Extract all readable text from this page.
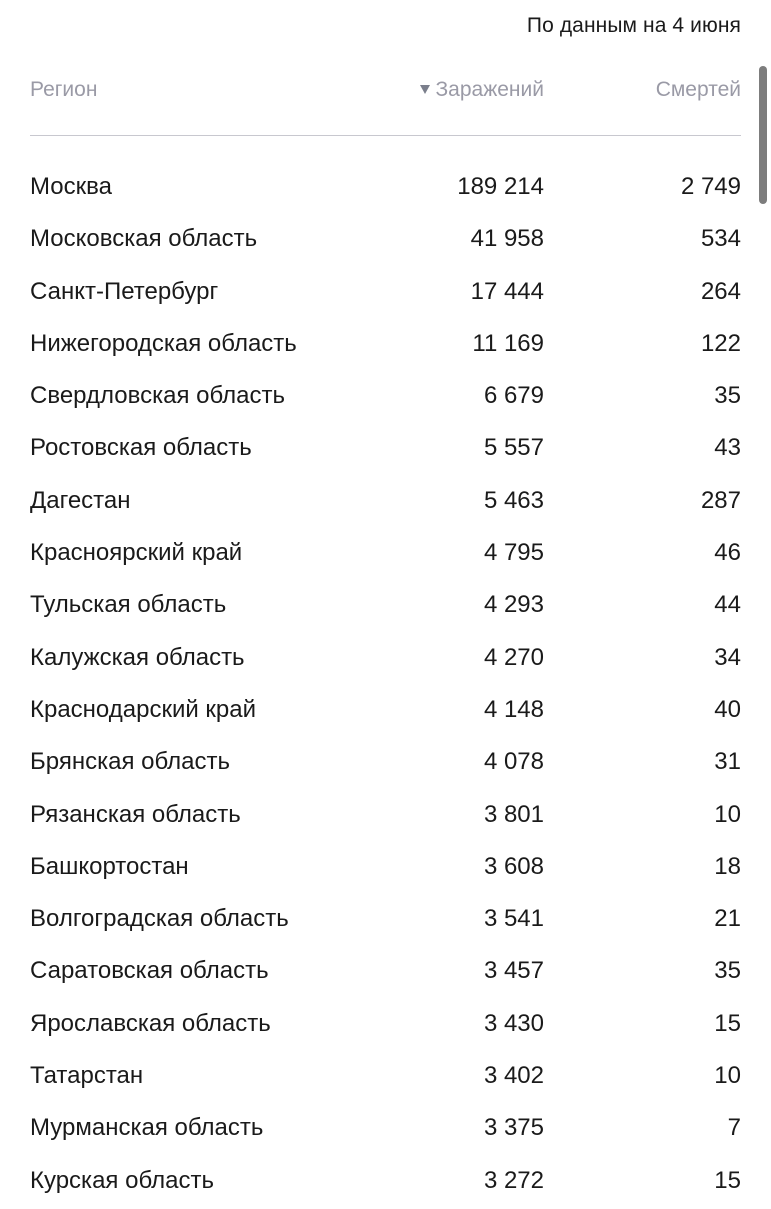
По данным на 4 июня
Регион	Заражений	Смертей
Москва	189 214	2 749
Московская область	41 958	534
Санкт-Петербург	17 444	264
Нижегородская область	11 169	122
Свердловская область	6 679	35
Ростовская область	5 557	43
Дагестан	5 463	287
Красноярский край	4 795	46
Тульская область	4 293	44
Калужская область	4 270	34
Краснодарский край	4 148	40
Брянская область	4 078	31
Рязанская область	3 801	10
Башкортостан	3 608	18
Волгоградская область	3 541	21
Саратовская область	3 457	35
Ярославская область	3 430	15
Татарстан	3 402	10
Мурманская область	3 375	7
Курская область	3 272	15
